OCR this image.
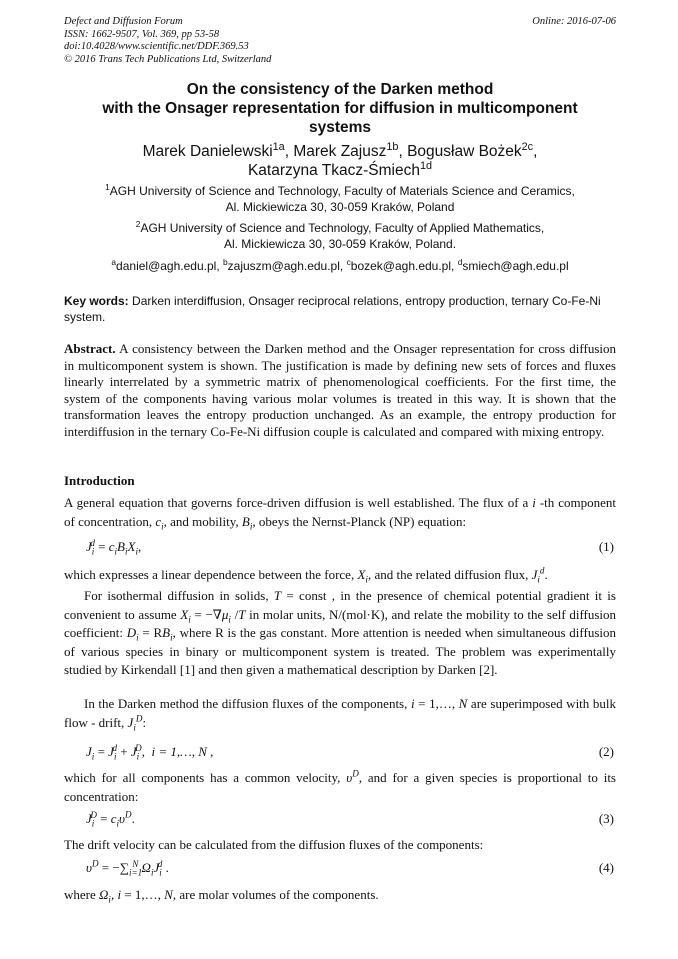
Defect and Diffusion Forum
ISSN: 1662-9507, Vol. 369, pp 53-58
doi:10.4028/www.scientific.net/DDF.369.53
© 2016 Trans Tech Publications Ltd, Switzerland
Online: 2016-07-06
On the consistency of the Darken method
with the Onsager representation for diffusion in multicomponent
systems
Marek Danielewski$^{1a}$, Marek Zajusz$^{1b}$, Bogusław Bożek$^{2c}$,
Katarzyna Tkacz-Śmiech$^{1d}$
$^1$AGH University of Science and Technology, Faculty of Materials Science and Ceramics,
Al. Mickiewicza 30, 30-059 Kraków, Poland
$^2$AGH University of Science and Technology, Faculty of Applied Mathematics,
Al. Mickiewicza 30, 30-059 Kraków, Poland.
$^a$daniel@agh.edu.pl, $^b$zajuszm@agh.edu.pl, $^c$bozek@agh.edu.pl, $^d$smiech@agh.edu.pl
Key words: Darken interdiffusion, Onsager reciprocal relations, entropy production, ternary Co-Fe-Ni system.
Abstract. A consistency between the Darken method and the Onsager representation for cross diffusion in multicomponent system is shown. The justification is made by defining new sets of forces and fluxes linearly interrelated by a symmetric matrix of phenomenological coefficients. For the first time, the system of the components having various molar volumes is treated in this way. It is shown that the transformation leaves the entropy production unchanged. As an example, the entropy production for interdiffusion in the ternary Co-Fe-Ni diffusion couple is calculated and compared with mixing entropy.
Introduction
A general equation that governs force-driven diffusion is well established. The flux of a i -th component of concentration, $c_i$, and mobility, $B_i$, obeys the Nernst-Planck (NP) equation:
$J_i^d = c_iB_iX_i$,	(1)
which expresses a linear dependence between the force, $X_i$, and the related diffusion flux, $J_i^d$.
For isothermal diffusion in solids, T = const , in the presence of chemical potential gradient it is convenient to assume $X_i = -\nabla\mu_i$ /T in molar units, N/(mol·K), and relate the mobility to the self diffusion coefficient: $D_i = RB_i$, where R is the gas constant. More attention is needed when simultaneous diffusion of various species in binary or multicomponent system is treated. The problem was experimentally studied by Kirkendall [1] and then given a mathematical description by Darken [2].
In the Darken method the diffusion fluxes of the components, i = 1,…, N are superimposed with bulk flow - drift, $J_i^D$:
$J_i = J_i^d + J_i^D$,  i = 1,…, N ,	(2)
which for all components has a common velocity, $\upsilon^D$, and for a given species is proportional to its concentration:
$J_i^D = c_i\upsilon^D$.	(3)
The drift velocity can be calculated from the diffusion fluxes of the components:
$\upsilon^D = -\sum_{i=1}^N$ $\Omega_iJ_i^d$ .	(4)
where $\Omega_i$, i = 1,…, N, are molar volumes of the components.
